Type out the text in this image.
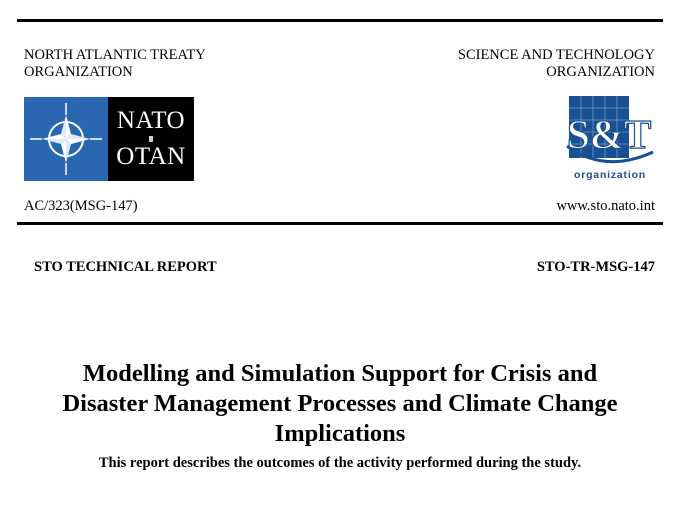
NORTH ATLANTIC TREATY
ORGANIZATION
SCIENCE AND TECHNOLOGY
ORGANIZATION
NATO
OTAN	S&T
organization
AC/323(MSG-147)	www.sto.nato.int
STO TECHNICAL REPORT	STO-TR-MSG-147
Modelling and Simulation Support for Crisis and
Disaster Management Processes and Climate Change
Implications
This report describes the outcomes of the activity performed during the study.
